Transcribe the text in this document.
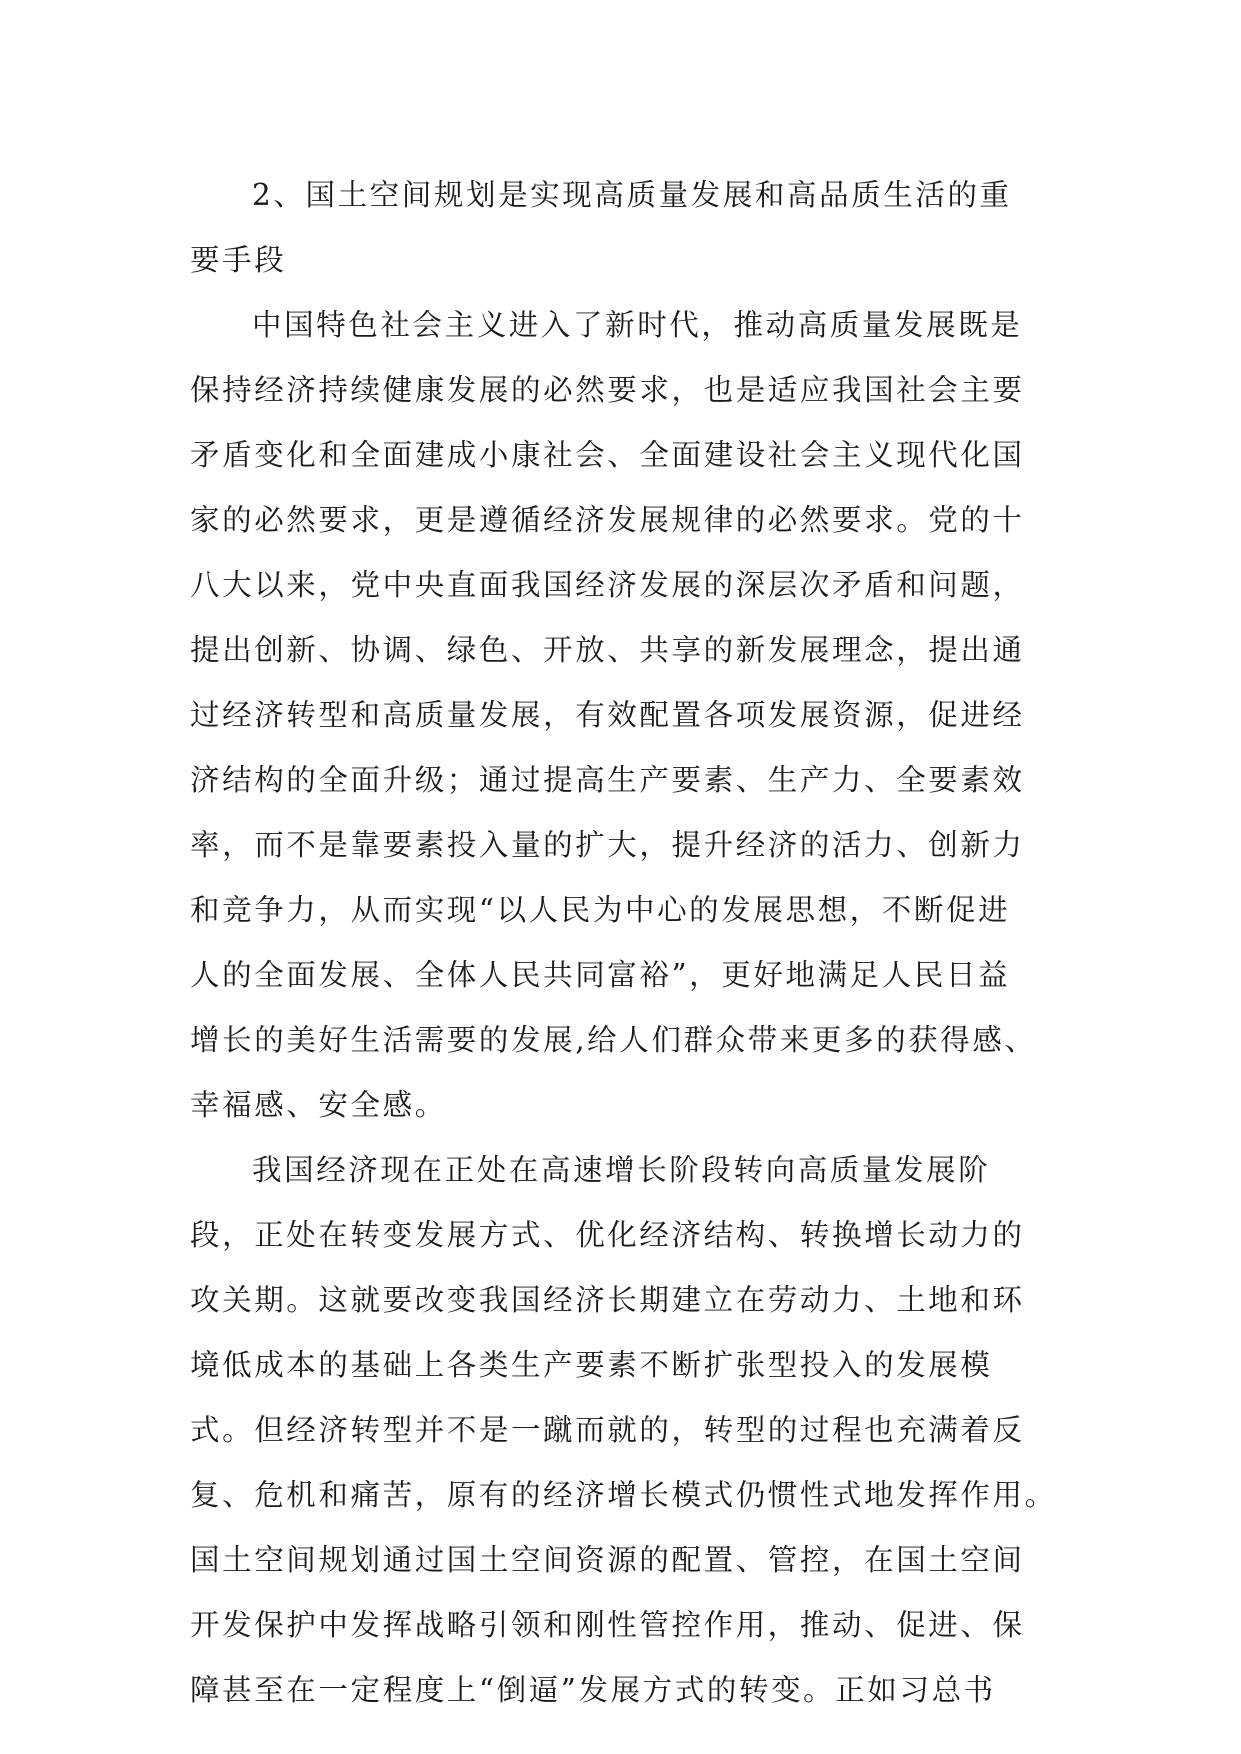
2、国土空间规划是实现高质量发展和高品质生活的重
要手段
中国特色社会主义进入了新时代，推动高质量发展既是
保持经济持续健康发展的必然要求，也是适应我国社会主要
矛盾变化和全面建成小康社会、全面建设社会主义现代化国
家的必然要求，更是遵循经济发展规律的必然要求。党的十
八大以来，党中央直面我国经济发展的深层次矛盾和问题，
提出创新、协调、绿色、开放、共享的新发展理念，提出通
过经济转型和高质量发展，有效配置各项发展资源，促进经
济结构的全面升级；通过提高生产要素、生产力、全要素效
率，而不是靠要素投入量的扩大，提升经济的活力、创新力
和竞争力，从而实现“以人民为中心的发展思想，不断促进
人的全面发展、全体人民共同富裕”，更好地满足人民日益
增长的美好生活需要的发展,给人们群众带来更多的获得感、
幸福感、安全感。
我国经济现在正处在高速增长阶段转向高质量发展阶
段，正处在转变发展方式、优化经济结构、转换增长动力的
攻关期。这就要改变我国经济长期建立在劳动力、土地和环
境低成本的基础上各类生产要素不断扩张型投入的发展模
式。但经济转型并不是一蹴而就的，转型的过程也充满着反
复、危机和痛苦，原有的经济增长模式仍惯性式地发挥作用。
国土空间规划通过国土空间资源的配置、管控，在国土空间
开发保护中发挥战略引领和刚性管控作用，推动、促进、保
障甚至在一定程度上“倒逼”发展方式的转变。正如习总书
